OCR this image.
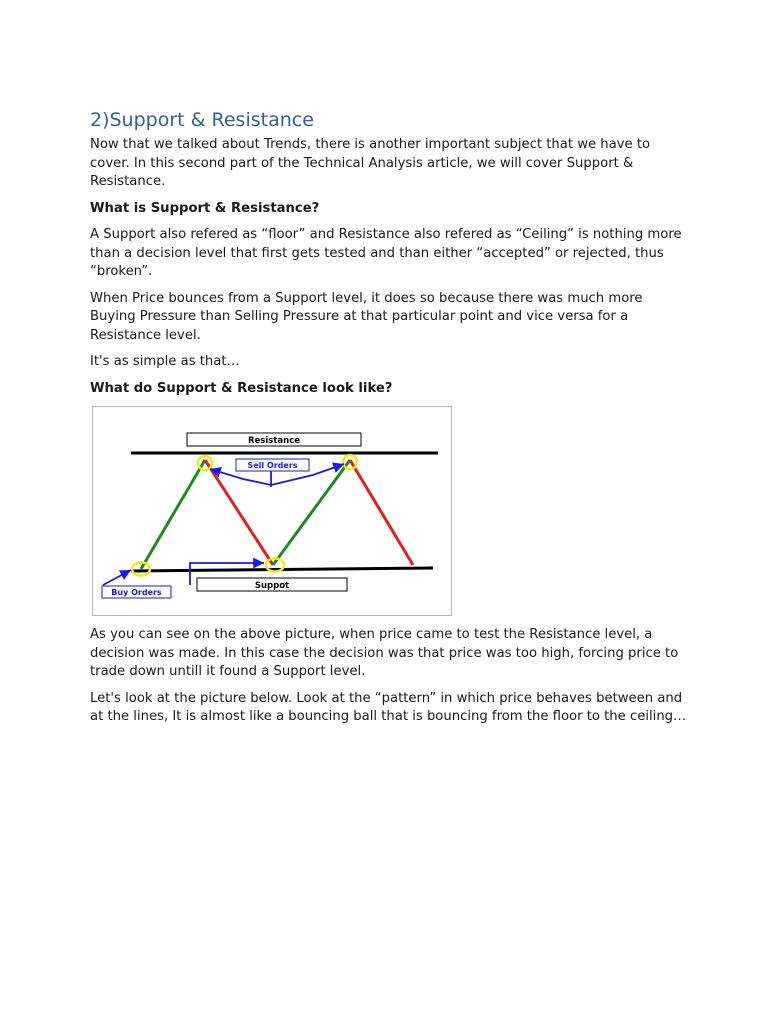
2)Support & Resistance

Now that we talked about Trends, there is another important subject that we have to cover. In this second part of the Technical Analysis article, we will cover Support & Resistance.

What is Support & Resistance?

A Support also refered as “floor” and Resistance also refered as “Ceiling” is nothing more than a decision level that first gets tested and than either “accepted” or rejected, thus “broken”.

When Price bounces from a Support level, it does so because there was much more Buying Pressure than Selling Pressure at that particular point and vice versa for a Resistance level.

It's as simple as that…

What do Support & Resistance look like?

Resistance
Sell Orders
Buy Orders
Suppot

As you can see on the above picture, when price came to test the Resistance level, a decision was made. In this case the decision was that price was too high, forcing price to trade down untill it found a Support level.

Let's look at the picture below. Look at the “pattern” in which price behaves between and at the lines, It is almost like a bouncing ball that is bouncing from the floor to the ceiling…
